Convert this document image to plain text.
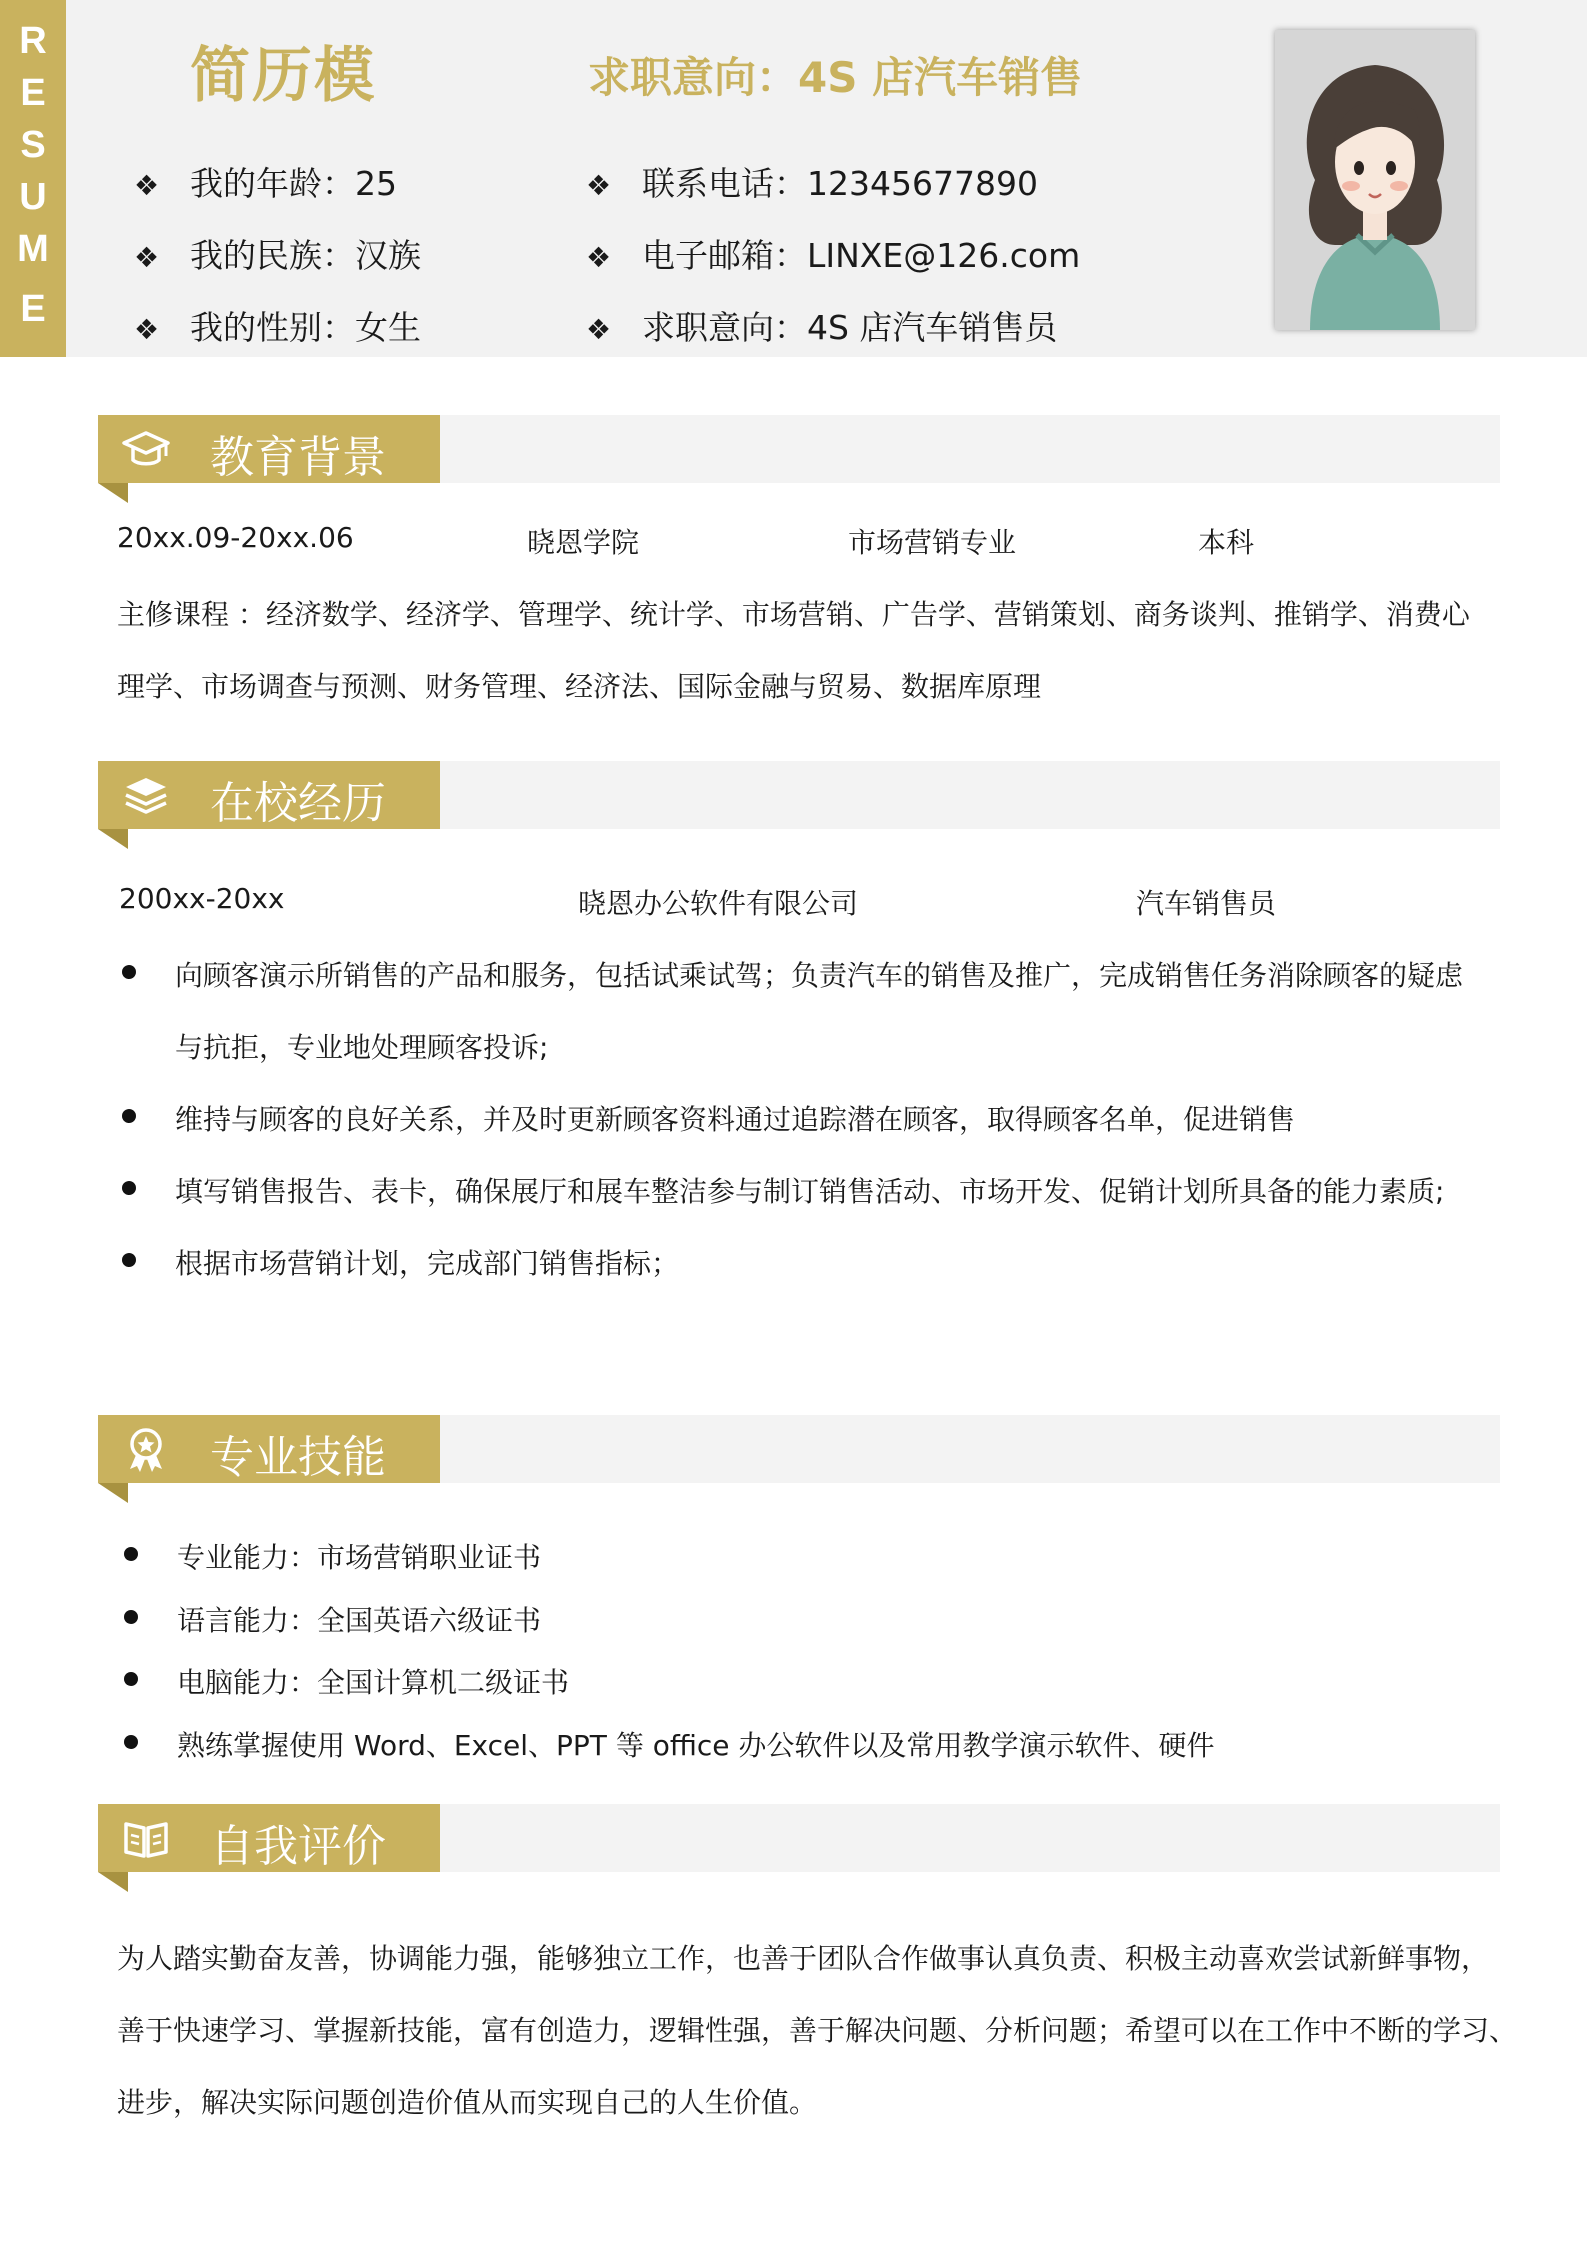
R
E
S
U
M
E
简历模	求职意向：4S 店汽车销售
❖ 我的年龄：25
❖ 我的民族：汉族
❖ 我的性别：女生
❖ 联系电话：12345677890
❖ 电子邮箱：LINXE@126.com
❖ 求职意向：4S 店汽车销售员
教育背景
20xx.09-20xx.06	晓恩学院	市场营销专业	本科
主修课程 ：经济数学、经济学、管理学、统计学、市场营销、广告学、营销策划、商务谈判、推销学、消费心
理学、市场调查与预测、财务管理、经济法、国际金融与贸易、数据库原理
在校经历
200xx-20xx	晓恩办公软件有限公司	汽车销售员
向顾客演示所销售的产品和服务，包括试乘试驾；负责汽车的销售及推广，完成销售任务消除顾客的疑虑
与抗拒，专业地处理顾客投诉;
维持与顾客的良好关系，并及时更新顾客资料通过追踪潜在顾客，取得顾客名单，促进销售
填写销售报告、表卡，确保展厅和展车整洁参与制订销售活动、市场开发、促销计划所具备的能力素质;
根据市场营销计划，完成部门销售指标；
专业技能
专业能力：市场营销职业证书
语言能力：全国英语六级证书
电脑能力：全国计算机二级证书
熟练掌握使用 Word、Excel、PPT 等 office 办公软件以及常用教学演示软件、硬件
自我评价
为人踏实勤奋友善，协调能力强，能够独立工作，也善于团队合作做事认真负责、积极主动喜欢尝试新鲜事物，
善于快速学习、掌握新技能，富有创造力，逻辑性强，善于解决问题、分析问题；希望可以在工作中不断的学习、
进步，解决实际问题创造价值从而实现自己的人生价值。
